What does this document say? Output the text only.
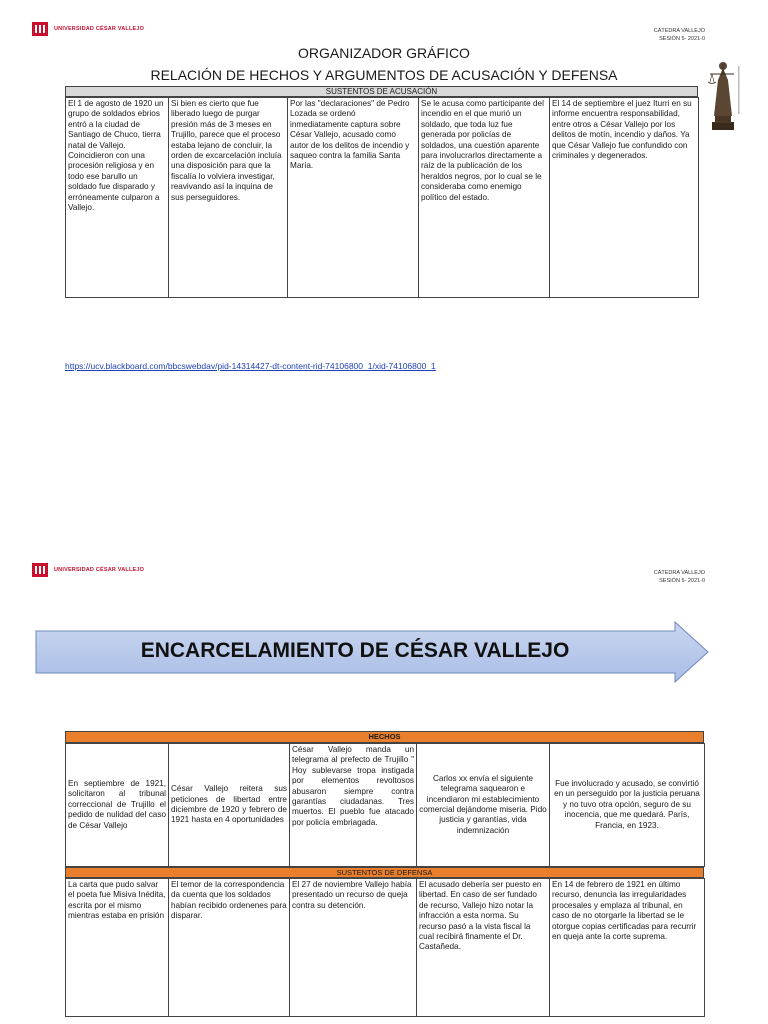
UNIVERSIDAD CÉSAR VALLEJO	CÁTEDRA VALLEJO
SESIÓN 5- 2021-0
ORGANIZADOR GRÁFICO
RELACIÓN DE HECHOS Y ARGUMENTOS DE ACUSACIÓN Y DEFENSA
SUSTENTOS DE ACUSACIÓN
El 1 de agosto de 1920 un grupo de soldados ebrios entró a la ciudad de Santiago de Chuco, tierra natal de Vallejo. Coincidieron con una procesión religiosa y en todo ese barullo un soldado fue disparado y erróneamente culparon a Vallejo.	Si bien es cierto que fue liberado luego de purgar presión más de 3 meses en Trujillo, parece que el proceso estaba lejano de concluir, la orden de excarcelación incluía una disposición para que la fiscalía lo volviera investigar, reavivando así la inquina de sus perseguidores.	Por las "declaraciones" de Pedro Lozada se ordenó inmediatamente captura sobre César Vallejo, acusado como autor de los delitos de incendio y saqueo contra la familia Santa María.	Se le acusa como participante del incendio en el que murió un soldado, que toda luz fue generada por policías de soldados, una cuestión aparente para involucrarlos directamente a raíz de la publicación de los heraldos negros, por lo cual se le consideraba como enemigo político del estado.	El 14 de septiembre el juez Iturri en su informe encuentra responsabilidad, entre otros a César Vallejo por los delitos de motín, incendio y daños. Ya que César Vallejo fue confundido con criminales y degenerados.
https://ucv.blackboard.com/bbcswebdav/pid-14314427-dt-content-rid-74106800_1/xid-74106800_1
UNIVERSIDAD CÉSAR VALLEJO	CÁTEDRA VALLEJO
SESIÓN 5- 2021-0
ENCARCELAMIENTO DE CÉSAR VALLEJO
HECHOS
En septiembre de 1921, solicitaron al tribunal correccional de Trujillo el pedido de nulidad del caso de César Vallejo	César Vallejo reitera sus peticiones de libertad entre diciembre de 1920 y febrero de 1921 hasta en 4 oportunidades	César Vallejo manda un telegrama al prefecto de Trujillo " Hoy sublevarse tropa instigada por elementos revoltosos abusaron siempre contra garantías ciudadanas. Tres muertos. El pueblo fue atacado por policía embriagada.	Carlos xx envía el siguiente telegrama saquearon e incendiaron mi establecimiento comercial dejándome miseria. Pido justicia y garantías, vida indemnización	Fue involucrado y acusado, se convirtió en un perseguido por la justicia peruana y no tuvo otra opción, seguro de su inocencia, que me quedará. París, Francia, en 1923.
SUSTENTOS DE DEFENSA
La carta que pudo salvar el poeta fue Misiva Inédita, escrita por el mismo mientras estaba en prisión	El temor de la correspondencia da cuenta que los soldados habían recibido ordenenes para disparar.	El 27 de noviembre Vallejo había presentado un recurso de queja contra su detención.	El acusado debería ser puesto en libertad. En caso de ser fundado de recurso, Vallejo hizo notar la infracción a esta norma. Su recurso pasó a la vista fiscal la cual recibirá finamente el Dr. Castañeda.	En 14 de febrero de 1921 en último recurso, denuncia las irregularidades procesales y emplaza al tribunal, en caso de no otorgarle la libertad se le otorgue copias certificadas para recurrir en queja ante la corte suprema.
